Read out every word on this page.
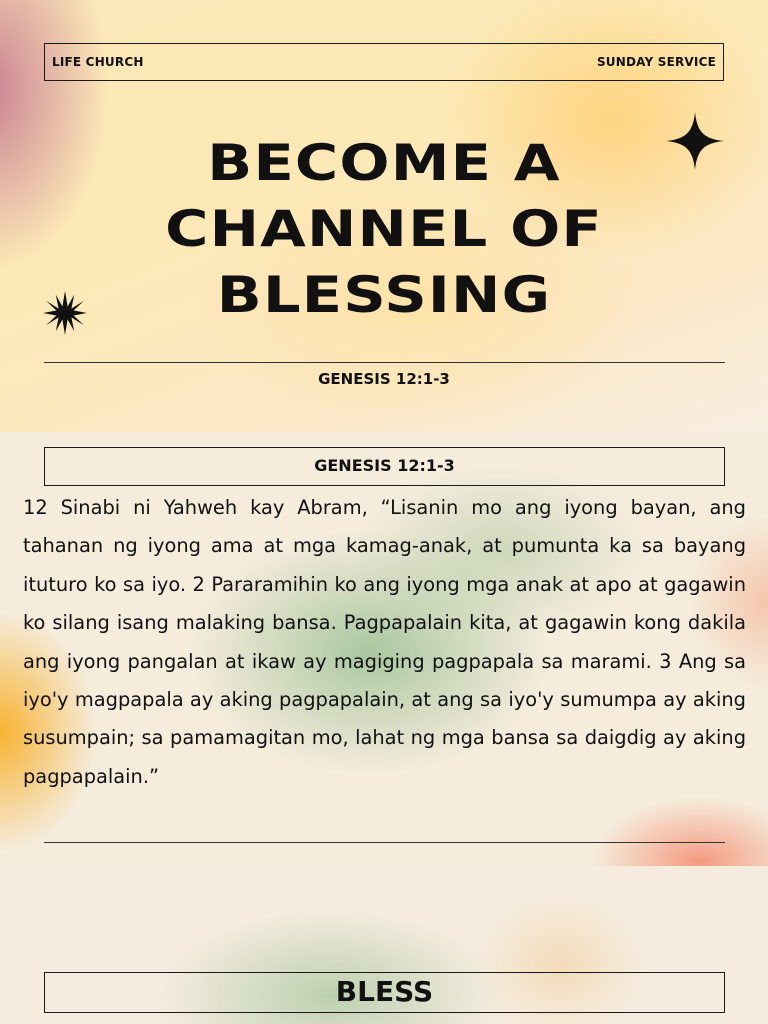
LIFE CHURCH	SUNDAY SERVICE
BECOME A
CHANNEL OF
BLESSING
GENESIS 12:1-3
GENESIS 12:1-3

12 Sinabi ni Yahweh kay Abram, “Lisanin mo ang iyong bayan, ang tahanan ng iyong ama at mga kamag-anak, at pumunta ka sa bayang ituturo ko sa iyo. 2 Pararamihin ko ang iyong mga anak at apo at gagawin ko silang isang malaking bansa. Pagpapalain kita, at gagawin kong dakila ang iyong pangalan at ikaw ay magiging pagpapala sa marami. 3 Ang sa iyo'y magpapala ay aking pagpapalain, at ang sa iyo'y sumumpa ay aking susumpain; sa pamamagitan mo, lahat ng mga bansa sa daigdig ay aking pagpapalain.”

BLESS
